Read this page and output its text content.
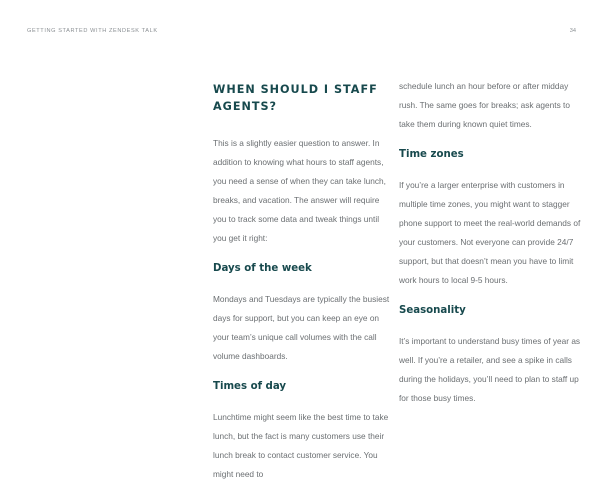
GETTING STARTED WITH ZENDESK TALK	34
WHEN SHOULD I STAFF AGENTS?

This is a slightly easier question to answer. In addition to knowing what hours to staff agents, you need a sense of when they can take lunch, breaks, and vacation. The answer will require you to track some data and tweak things until you get it right:

Days of the week

Mondays and Tuesdays are typically the busiest days for support, but you can keep an eye on your team’s unique call volumes with the call volume dashboards.

Times of day

Lunchtime might seem like the best time to take lunch, but the fact is many customers use their lunch break to contact customer service. You might need to

schedule lunch an hour before or after midday rush. The same goes for breaks; ask agents to take them during known quiet times.

Time zones

If you’re a larger enterprise with customers in multiple time zones, you might want to stagger phone support to meet the real-world demands of your customers. Not everyone can provide 24/7 support, but that doesn’t mean you have to limit work hours to local 9-5 hours.

Seasonality

It’s important to understand busy times of year as well. If you’re a retailer, and see a spike in calls during the holidays, you’ll need to plan to staff up for those busy times.
